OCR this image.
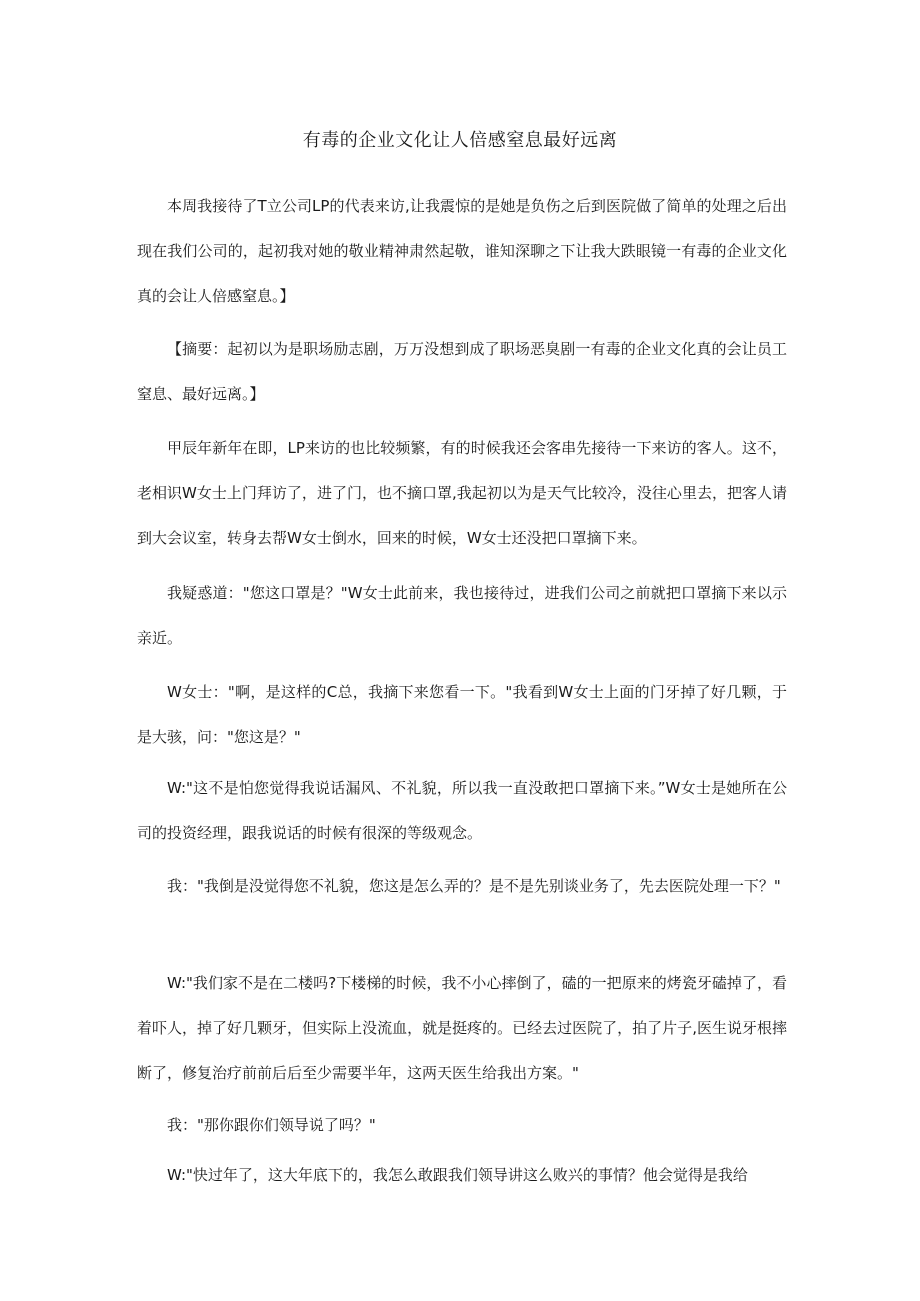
有毒的企业文化让人倍感窒息最好远离

本周我接待了T立公司LP的代表来访,让我震惊的是她是负伤之后到医院做了简单的处理之后出现在我们公司的，起初我对她的敬业精神肃然起敬，谁知深聊之下让我大跌眼镜一有毒的企业文化真的会让人倍感窒息。】

【摘要：起初以为是职场励志剧，万万没想到成了职场恶臭剧一有毒的企业文化真的会让员工窒息、最好远离。】

甲辰年新年在即，LP来访的也比较频繁，有的时候我还会客串先接待一下来访的客人。这不，老相识W女士上门拜访了，进了门，也不摘口罩,我起初以为是天气比较冷，没往心里去，把客人请到大会议室，转身去帮W女士倒水，回来的时候，W女士还没把口罩摘下来。

我疑惑道："您这口罩是？"W女士此前来，我也接待过，进我们公司之前就把口罩摘下来以示亲近。

W女士："啊，是这样的C总，我摘下来您看一下。"我看到W女士上面的门牙掉了好几颗，于是大骇，问："您这是？"

W:"这不是怕您觉得我说话漏风、不礼貌，所以我一直没敢把口罩摘下来。”W女士是她所在公司的投资经理，跟我说话的时候有很深的等级观念。

我："我倒是没觉得您不礼貌，您这是怎么弄的？是不是先别谈业务了，先去医院处理一下？"

W:"我们家不是在二楼吗?下楼梯的时候，我不小心摔倒了，磕的一把原来的烤瓷牙磕掉了，看着吓人，掉了好几颗牙，但实际上没流血，就是挺疼的。已经去过医院了，拍了片子,医生说牙根摔断了，修复治疗前前后后至少需要半年，这两天医生给我出方案。"

我："那你跟你们领导说了吗？"

W:"快过年了，这大年底下的，我怎么敢跟我们领导讲这么败兴的事情？他会觉得是我给
